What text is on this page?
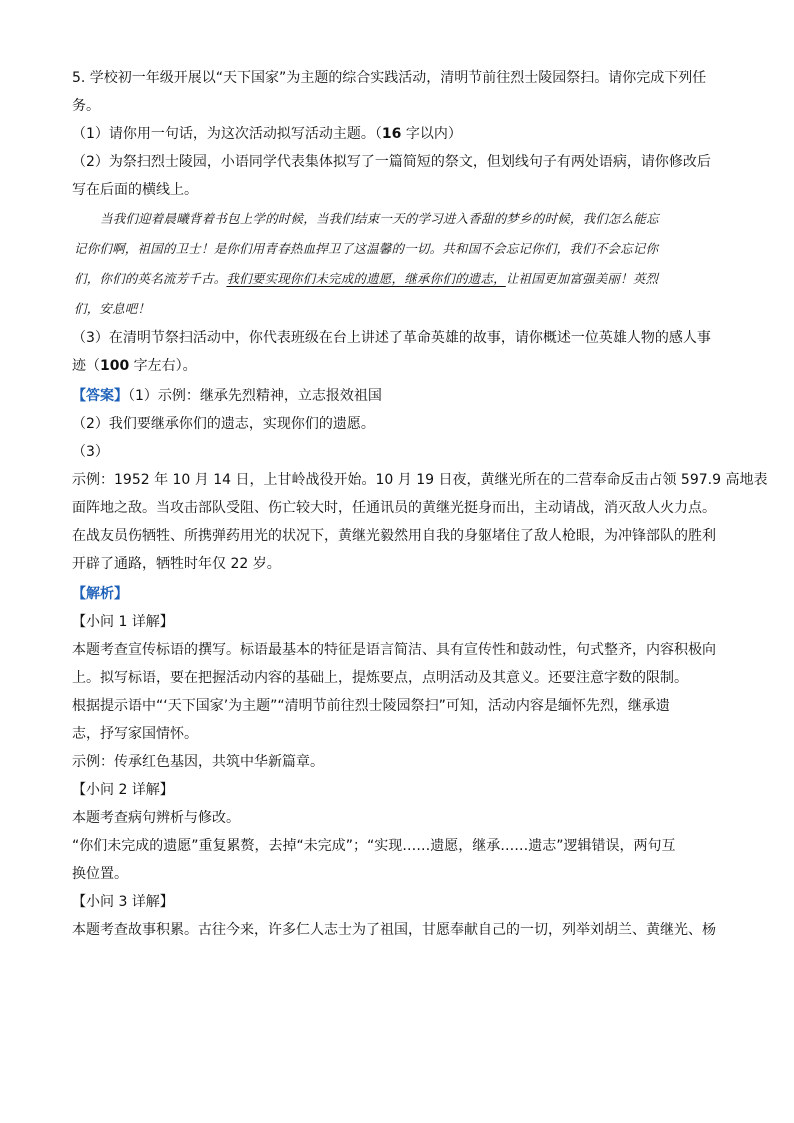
5. 学校初一年级开展以“天下国家”为主题的综合实践活动，清明节前往烈士陵园祭扫。请你完成下列任

务。

（1）请你用一句话，为这次活动拟写活动主题。（16 字以内）

（2）为祭扫烈士陵园，小语同学代表集体拟写了一篇简短的祭文，但划线句子有两处语病，请你修改后

写在后面的横线上。

当我们迎着晨曦背着书包上学的时候，当我们结束一天的学习进入香甜的梦乡的时候，我们怎么能忘
记你们啊，祖国的卫士！是你们用青春热血捍卫了这温馨的一切。共和国不会忘记你们，我们不会忘记你
们，你们的英名流芳千古。我们要实现你们未完成的遗愿，继承你们的遗志，让祖国更加富强美丽！英烈
们，安息吧！

（3）在清明节祭扫活动中，你代表班级在台上讲述了革命英雄的故事，请你概述一位英雄人物的感人事

迹（100 字左右）。

【答案】（1）示例：继承先烈精神，立志报效祖国

（2）我们要继承你们的遗志，实现你们的遗愿。

（3）

示例：1952 年 10 月 14 日，上甘岭战役开始。10 月 19 日夜，黄继光所在的二营奉命反击占领 597.9 高地表

面阵地之敌。当攻击部队受阻、伤亡较大时，任通讯员的黄继光挺身而出，主动请战，消灭敌人火力点。

在战友员伤牺牲、所携弹药用光的状况下，黄继光毅然用自我的身躯堵住了敌人枪眼，为冲锋部队的胜利

开辟了通路，牺牲时年仅 22 岁。

【解析】

【小问 1 详解】

本题考查宣传标语的撰写。标语最基本的特征是语言简洁、具有宣传性和鼓动性，句式整齐，内容积极向

上。拟写标语，要在把握活动内容的基础上，提炼要点，点明活动及其意义。还要注意字数的限制。

根据提示语中“‘天下国家’为主题”“清明节前往烈士陵园祭扫”可知，活动内容是缅怀先烈，继承遗

志，抒写家国情怀。

示例：传承红色基因，共筑中华新篇章。

【小问 2 详解】

本题考查病句辨析与修改。

“你们未完成的遗愿”重复累赘，去掉“未完成”；“实现……遗愿，继承……遗志”逻辑错误，两句互

换位置。

【小问 3 详解】

本题考查故事积累。古往今来，许多仁人志士为了祖国，甘愿奉献自己的一切，列举刘胡兰、黄继光、杨
